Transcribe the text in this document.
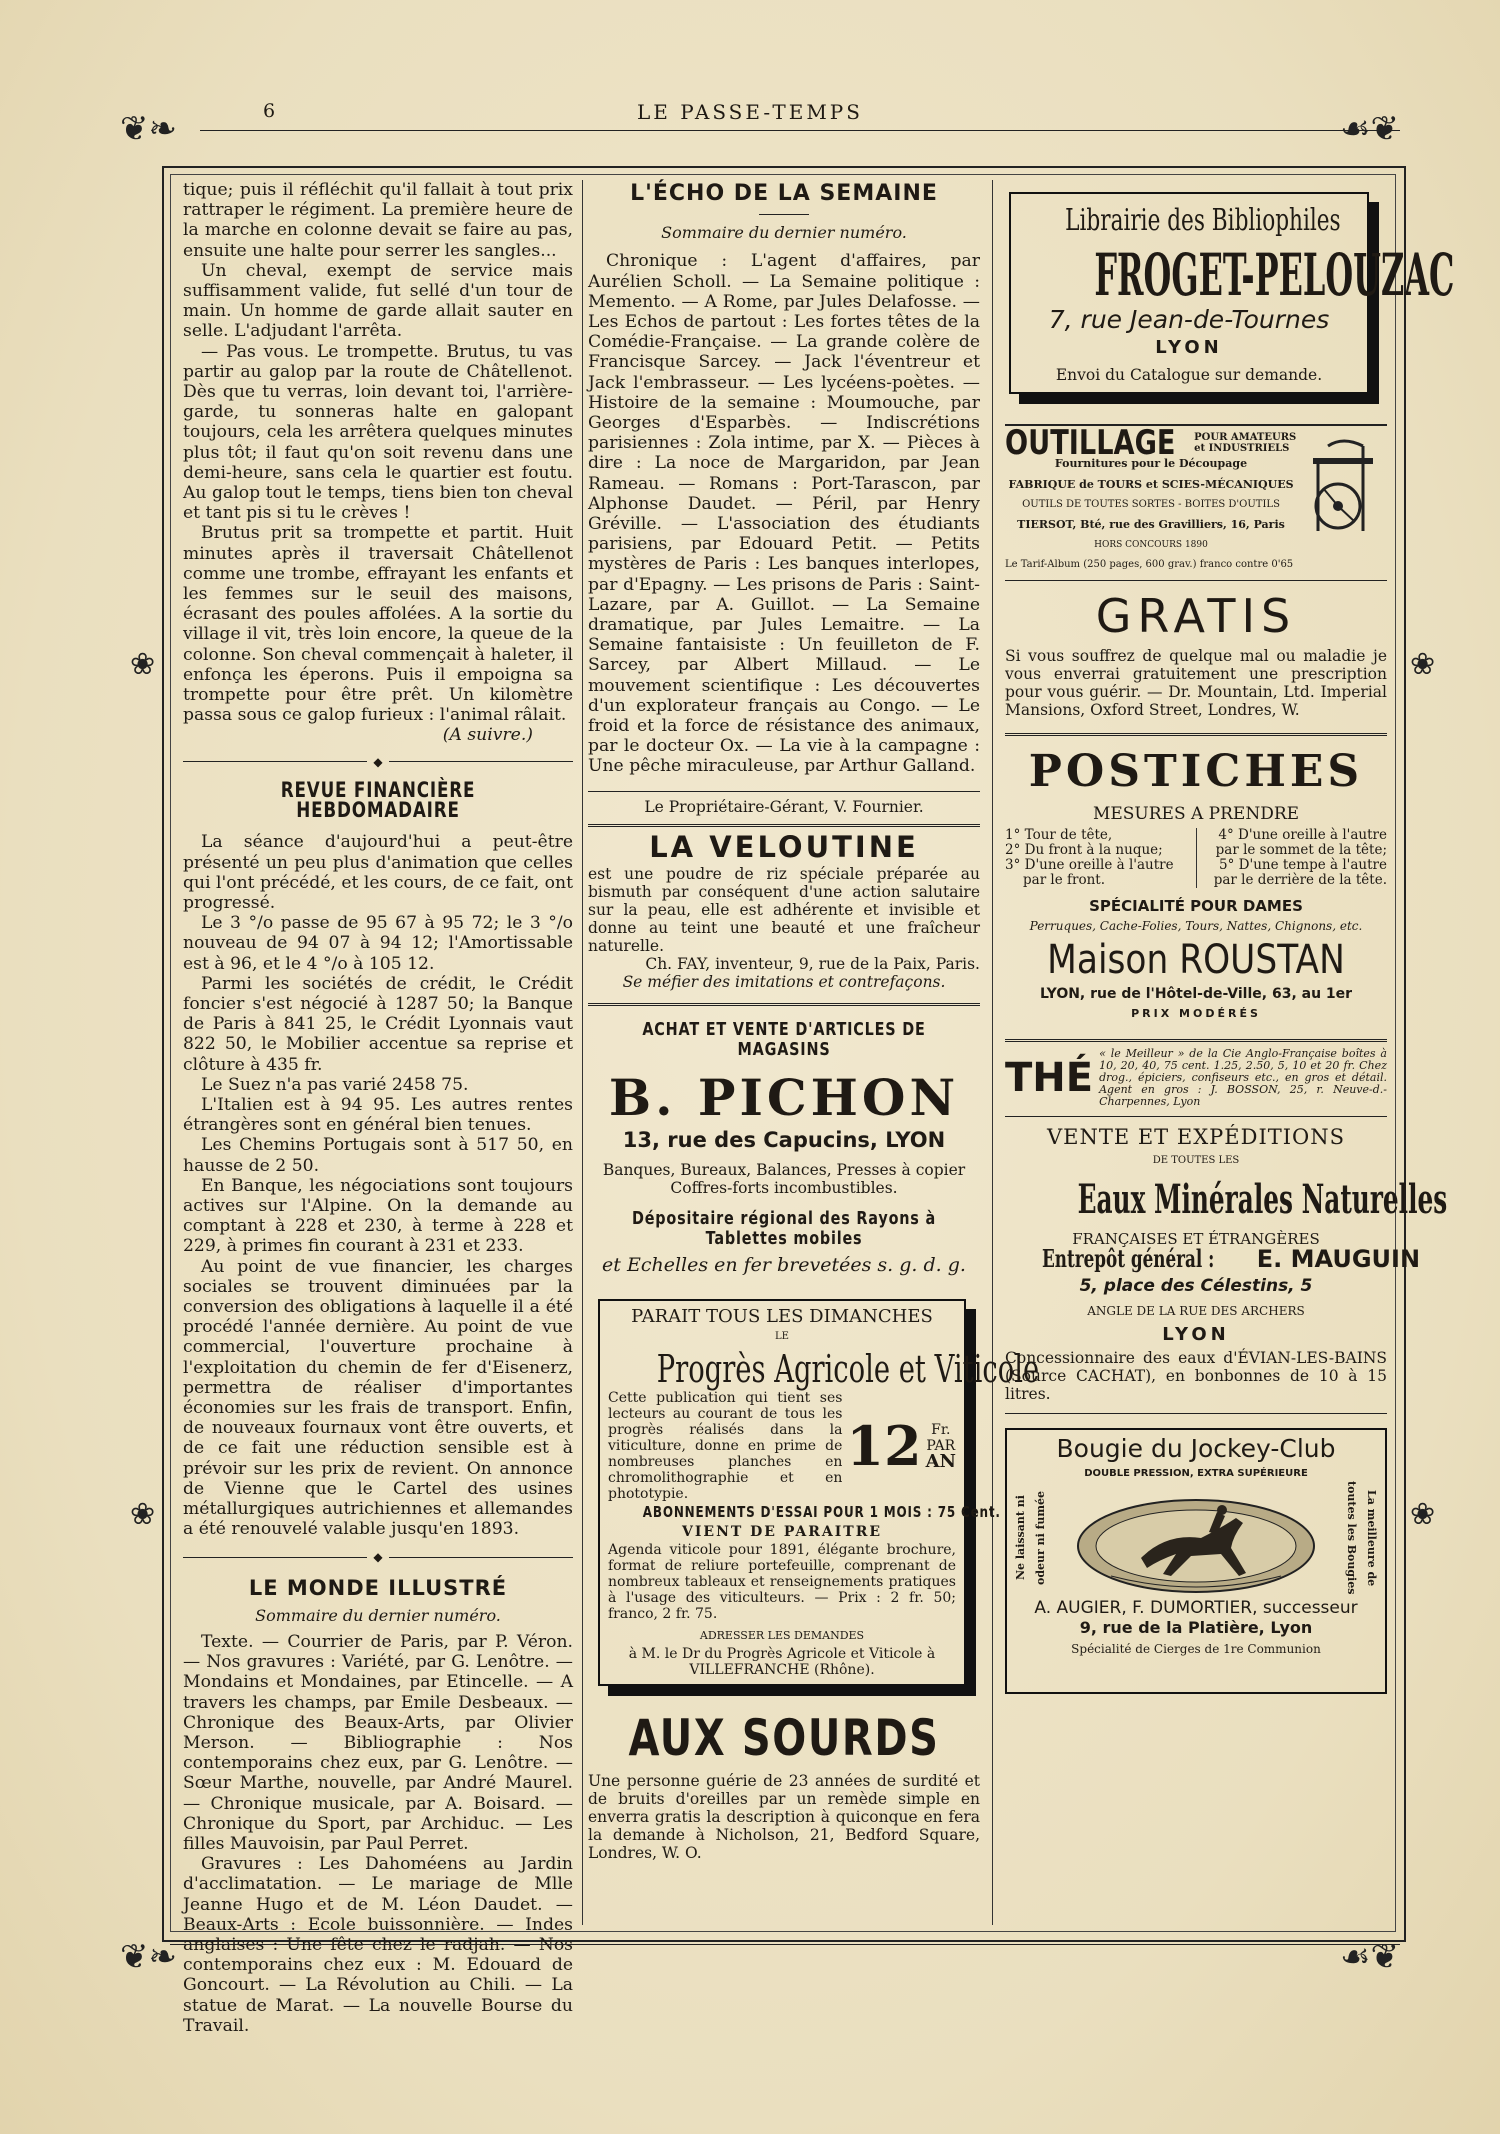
6	LE PASSE-TEMPS
❦❧	☙❦
❦❧	☙❦
❀
❀
❀
❀

tique; puis il réfléchit qu'il fallait à tout prix rattraper le régiment. La première heure de la marche en colonne devait se faire au pas, ensuite une halte pour serrer les sangles...

Un cheval, exempt de service mais suffisamment valide, fut sellé d'un tour de main. Un homme de garde allait sauter en selle. L'adjudant l'arrêta.

— Pas vous. Le trompette. Brutus, tu vas partir au galop par la route de Châtellenot. Dès que tu verras, loin devant toi, l'arrière-garde, tu sonneras halte en galopant toujours, cela les arrêtera quelques minutes plus tôt; il faut qu'on soit revenu dans une demi-heure, sans cela le quartier est foutu. Au galop tout le temps, tiens bien ton cheval et tant pis si tu le crèves !

Brutus prit sa trompette et partit. Huit minutes après il traversait Châtellenot comme une trombe, effrayant les enfants et les femmes sur le seuil des maisons, écrasant des poules affolées. A la sortie du village il vit, très loin encore, la queue de la colonne. Son cheval commençait à haleter, il enfonça les éperons. Puis il empoigna sa trompette pour être prêt. Un kilomètre passa sous ce galop furieux : l'animal râlait.

(A suivre.)
◆
REVUE FINANCIÈRE HEBDOMADAIRE

La séance d'aujourd'hui a peut-être présenté un peu plus d'animation que celles qui l'ont précédé, et les cours, de ce fait, ont progressé.

Le 3 °/o passe de 95 67 à 95 72; le 3 °/o nouveau de 94 07 à 94 12; l'Amortissable est à 96, et le 4 °/o à 105 12.

Parmi les sociétés de crédit, le Crédit foncier s'est négocié à 1287 50; la Banque de Paris à 841 25, le Crédit Lyonnais vaut 822 50, le Mobilier accentue sa reprise et clôture à 435 fr.

Le Suez n'a pas varié 2458 75.

L'Italien est à 94 95. Les autres rentes étrangères sont en général bien tenues.

Les Chemins Portugais sont à 517 50, en hausse de 2 50.

En Banque, les négociations sont toujours actives sur l'Alpine. On la demande au comptant à 228 et 230, à terme à 228 et 229, à primes fin courant à 231 et 233.

Au point de vue financier, les charges sociales se trouvent diminuées par la conversion des obligations à laquelle il a été procédé l'année dernière. Au point de vue commercial, l'ouverture prochaine à l'exploitation du chemin de fer d'Eisenerz, permettra de réaliser d'importantes économies sur les frais de transport. Enfin, de nouveaux fournaux vont être ouverts, et de ce fait une réduction sensible est à prévoir sur les prix de revient. On annonce de Vienne que le Cartel des usines métallurgiques autrichiennes et allemandes a été renouvelé valable jusqu'en 1893.

◆
LE MONDE ILLUSTRÉ
Sommaire du dernier numéro.

Texte. — Courrier de Paris, par P. Véron. — Nos gravures : Variété, par G. Lenôtre. — Mondains et Mondaines, par Etincelle. — A travers les champs, par Emile Desbeaux. — Chronique des Beaux-Arts, par Olivier Merson. — Bibliographie : Nos contemporains chez eux, par G. Lenôtre. — Sœur Marthe, nouvelle, par André Maurel. — Chronique musicale, par A. Boisard. — Chronique du Sport, par Archiduc. — Les filles Mauvoisin, par Paul Perret.

Gravures : Les Dahoméens au Jardin d'acclimatation. — Le mariage de Mlle Jeanne Hugo et de M. Léon Daudet. — Beaux-Arts : Ecole buissonnière. — Indes anglaises : Une fête chez le radjah. — Nos contemporains chez eux : M. Edouard de Goncourt. — La Révolution au Chili. — La statue de Marat. — La nouvelle Bourse du Travail.

L'ÉCHO DE LA SEMAINE
Sommaire du dernier numéro.

Chronique : L'agent d'affaires, par Aurélien Scholl. — La Semaine politique : Memento. — A Rome, par Jules Delafosse. — Les Echos de partout : Les fortes têtes de la Comédie-Française. — La grande colère de Francisque Sarcey. — Jack l'éventreur et Jack l'embrasseur. — Les lycéens-poètes. — Histoire de la semaine : Moumouche, par Georges d'Esparbès. — Indiscrétions parisiennes : Zola intime, par X. — Pièces à dire : La noce de Margaridon, par Jean Rameau. — Romans : Port-Tarascon, par Alphonse Daudet. — Péril, par Henry Gréville. — L'association des étudiants parisiens, par Edouard Petit. — Petits mystères de Paris : Les banques interlopes, par d'Epagny. — Les prisons de Paris : Saint-Lazare, par A. Guillot. — La Semaine dramatique, par Jules Lemaitre. — La Semaine fantaisiste : Un feuilleton de F. Sarcey, par Albert Millaud. — Le mouvement scientifique : Les découvertes d'un explorateur français au Congo. — Le froid et la force de résistance des animaux, par le docteur Ox. — La vie à la campagne : Une pêche miraculeuse, par Arthur Galland.

Le Propriétaire-Gérant, V. Fournier.
LA VELOUTINE
est une poudre de riz spéciale préparée au bismuth par conséquent d'une action salutaire sur la peau, elle est adhérente et invisible et donne au teint une beauté et une fraîcheur naturelle.
Ch. FAY, inventeur, 9, rue de la Paix, Paris.
Se méfier des imitations et contrefaçons.
ACHAT ET VENTE D'ARTICLES DE MAGASINS
B. PICHON
13, rue des Capucins, LYON
Banques, Bureaux, Balances, Presses à copier Coffres-forts incombustibles.
Dépositaire régional des Rayons à Tablettes mobiles
et Echelles en fer brevetées s. g. d. g.
PARAIT TOUS LES DIMANCHES
LE
Progrès Agricole et Viticole
Cette publication qui tient ses lecteurs au courant de tous les progrès réalisés dans la viticulture, donne en prime de nombreuses planches en chromolithographie et en phototypie.
12 Fr.
PAR
AN
ABONNEMENTS D'ESSAI POUR 1 MOIS : 75 Cent.
VIENT DE PARAITRE
Agenda viticole pour 1891, élégante brochure, format de reliure portefeuille, comprenant de nombreux tableaux et renseignements pratiques à l'usage des viticulteurs. — Prix : 2 fr. 50; franco, 2 fr. 75.
ADRESSER LES DEMANDES
à M. le Dr du Progrès Agricole et Viticole à VILLEFRANCHE (Rhône).
AUX SOURDS
Une personne guérie de 23 années de surdité et de bruits d'oreilles par un remède simple en enverra gratis la description à quiconque en fera la demande à Nicholson, 21, Bedford Square, Londres, W. O.
Librairie des Bibliophiles
FROGET-PELOUZAC
7, rue Jean-de-Tournes
LYON
Envoi du Catalogue sur demande.
OUTILLAGE POUR AMATEURS
et INDUSTRIELS
Fournitures pour le Découpage
FABRIQUE de TOURS et SCIES-MÉCANIQUES
OUTILS DE TOUTES SORTES - BOITES D'OUTILS
TIERSOT, Bté, rue des Gravilliers, 16, Paris
HORS CONCOURS 1890
Le Tarif-Album (250 pages, 600 grav.) franco contre 0'65
GRATIS
Si vous souffrez de quelque mal ou maladie je vous enverrai gratuitement une prescription pour vous guérir. — Dr. Mountain, Ltd. Imperial Mansions, Oxford Street, Londres, W.
POSTICHES
MESURES A PRENDRE
1° Tour de tête,
2° Du front à la nuque;
3° D'une oreille à l'autre
par le front.
4° D'une oreille à l'autre
par le sommet de la tête;
5° D'une tempe à l'autre
par le derrière de la tête.
SPÉCIALITÉ POUR DAMES
Perruques, Cache-Folies, Tours, Nattes, Chignons, etc.
Maison ROUSTAN
LYON, rue de l'Hôtel-de-Ville, 63, au 1er
PRIX MODÉRÉS
THÉ
« le Meilleur » de la Cie Anglo-Française boîtes à 10, 20, 40, 75 cent. 1.25, 2.50, 5, 10 et 20 fr. Chez drog., épiciers, confiseurs etc., en gros et détail. Agent en gros : J. BOSSON, 25, r. Neuve-d.-Charpennes, Lyon
VENTE ET EXPÉDITIONS
DE TOUTES LES
Eaux Minérales Naturelles
FRANÇAISES ET ÉTRANGÈRES
Entrepôt général : E. MAUGUIN
5, place des Célestins, 5
ANGLE DE LA RUE DES ARCHERS
LYON
Concessionnaire des eaux d'ÉVIAN-LES-BAINS (Source CACHAT), en bonbonnes de 10 à 15 litres.
Bougie du Jockey-Club
DOUBLE PRESSION, EXTRA SUPÉRIEURE
Ne laissant ni odeur ni fumée	La meilleure de toutes les Bougies
A. AUGIER, F. DUMORTIER, successeur
9, rue de la Platière, Lyon
Spécialité de Cierges de 1re Communion
